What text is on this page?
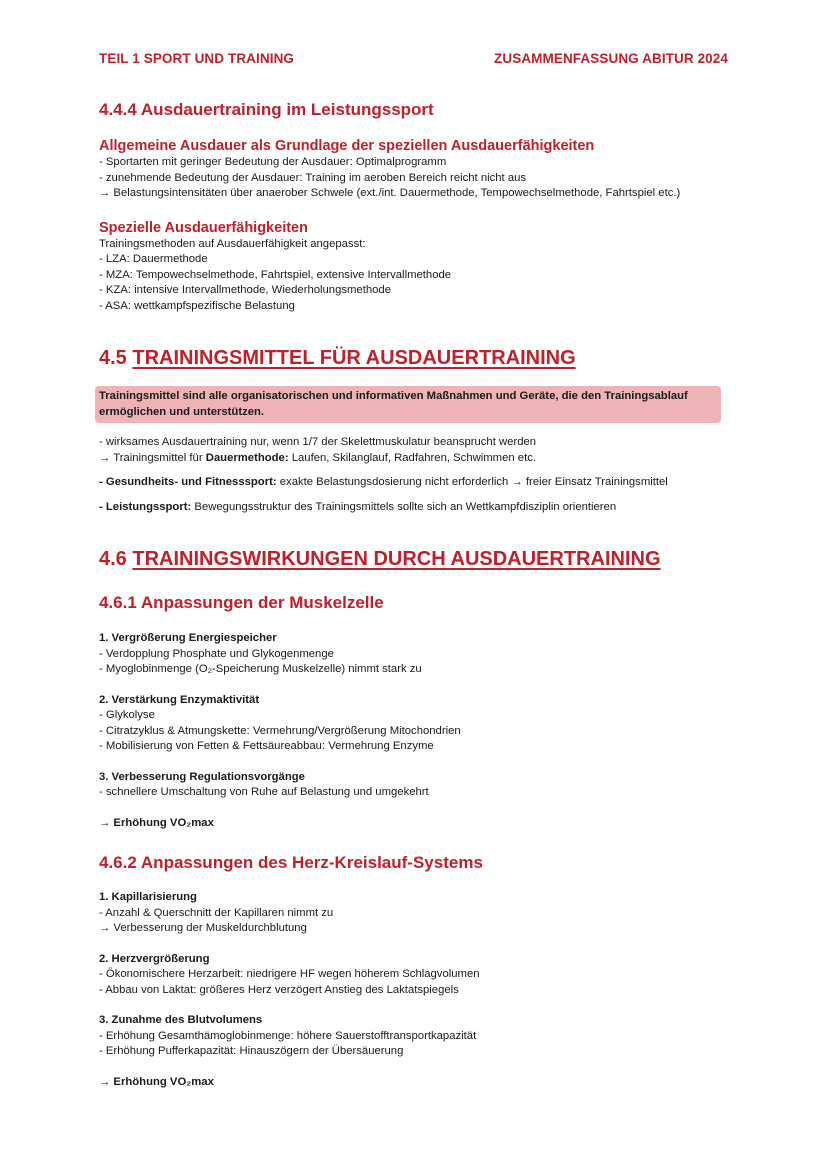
TEIL 1 SPORT UND TRAINING	ZUSAMMENFASSUNG ABITUR 2024

4.4.4 Ausdauertraining im Leistungssport

Allgemeine Ausdauer als Grundlage der speziellen Ausdauerfähigkeiten

- Sportarten mit geringer Bedeutung der Ausdauer: Optimalprogramm

- zunehmende Bedeutung der Ausdauer: Training im aeroben Bereich reicht nicht aus

→ Belastungsintensitäten über anaerober Schwele (ext./int. Dauermethode, Tempowechselmethode, Fahrtspiel etc.)

Spezielle Ausdauerfähigkeiten

Trainingsmethoden auf Ausdauerfähigkeit angepasst:

- LZA: Dauermethode

- MZA: Tempowechselmethode, Fahrtspiel, extensive Intervallmethode

- KZA: intensive Intervallmethode, Wiederholungsmethode

- ASA: wettkampfspezifische Belastung

4.5 TRAININGSMITTEL FÜR AUSDAUERTRAINING

Trainingsmittel sind alle organisatorischen und informativen Maßnahmen und Geräte, die den Trainingsablauf
ermöglichen und unterstützen.

- wirksames Ausdauertraining nur, wenn 1/7 der Skelettmuskulatur beansprucht werden

→ Trainingsmittel für Dauermethode: Laufen, Skilanglauf, Radfahren, Schwimmen etc.

- Gesundheits- und Fitnesssport: exakte Belastungsdosierung nicht erforderlich → freier Einsatz Trainingsmittel

- Leistungssport: Bewegungsstruktur des Trainingsmittels sollte sich an Wettkampfdisziplin orientieren

4.6 TRAININGSWIRKUNGEN DURCH AUSDAUERTRAINING

4.6.1 Anpassungen der Muskelzelle

1. Vergrößerung Energiespeicher

- Verdopplung Phosphate und Glykogenmenge

- Myoglobinmenge (O₂-Speicherung Muskelzelle) nimmt stark zu

2. Verstärkung Enzymaktivität

- Glykolyse

- Citratzyklus & Atmungskette: Vermehrung/Vergrößerung Mitochondrien

- Mobilisierung von Fetten & Fettsäureabbau: Vermehrung Enzyme

3. Verbesserung Regulationsvorgänge

- schnellere Umschaltung von Ruhe auf Belastung und umgekehrt

→ Erhöhung VO₂max

4.6.2 Anpassungen des Herz-Kreislauf-Systems

1. Kapillarisierung

- Anzahl & Querschnitt der Kapillaren nimmt zu

→ Verbesserung der Muskeldurchblutung

2. Herzvergrößerung

- Ökonomischere Herzarbeit: niedrigere HF wegen höherem Schlagvolumen

- Abbau von Laktat: größeres Herz verzögert Anstieg des Laktatspiegels

3. Zunahme des Blutvolumens

- Erhöhung Gesamthämoglobinmenge: höhere Sauerstofftransportkapazität

- Erhöhung Pufferkapazität: Hinauszögern der Übersäuerung

→ Erhöhung VO₂max
